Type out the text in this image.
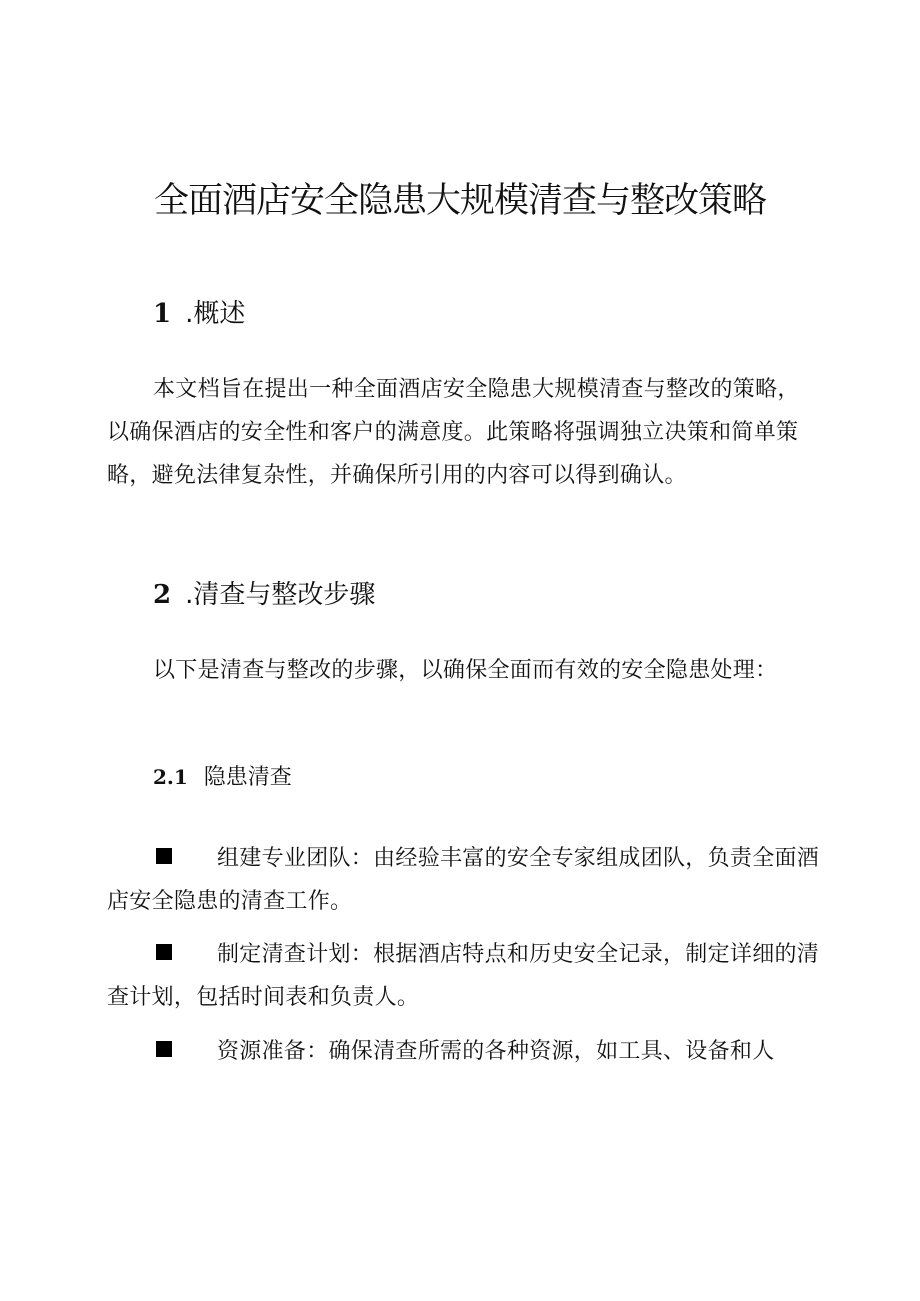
全面酒店安全隐患大规模清查与整改策略
1 .概述

本文档旨在提出一种全面酒店安全隐患大规模清查与整改的策略，以确保酒店的安全性和客户的满意度。此策略将强调独立决策和简单策略，避免法律复杂性，并确保所引用的内容可以得到确认。

2 .清查与整改步骤

以下是清查与整改的步骤，以确保全面而有效的安全隐患处理：

2.1 隐患清查

组建专业团队：由经验丰富的安全专家组成团队，负责全面酒店安全隐患的清查工作。

制定清查计划：根据酒店特点和历史安全记录，制定详细的清查计划，包括时间表和负责人。

资源准备：确保清查所需的各种资源，如工具、设备和人
